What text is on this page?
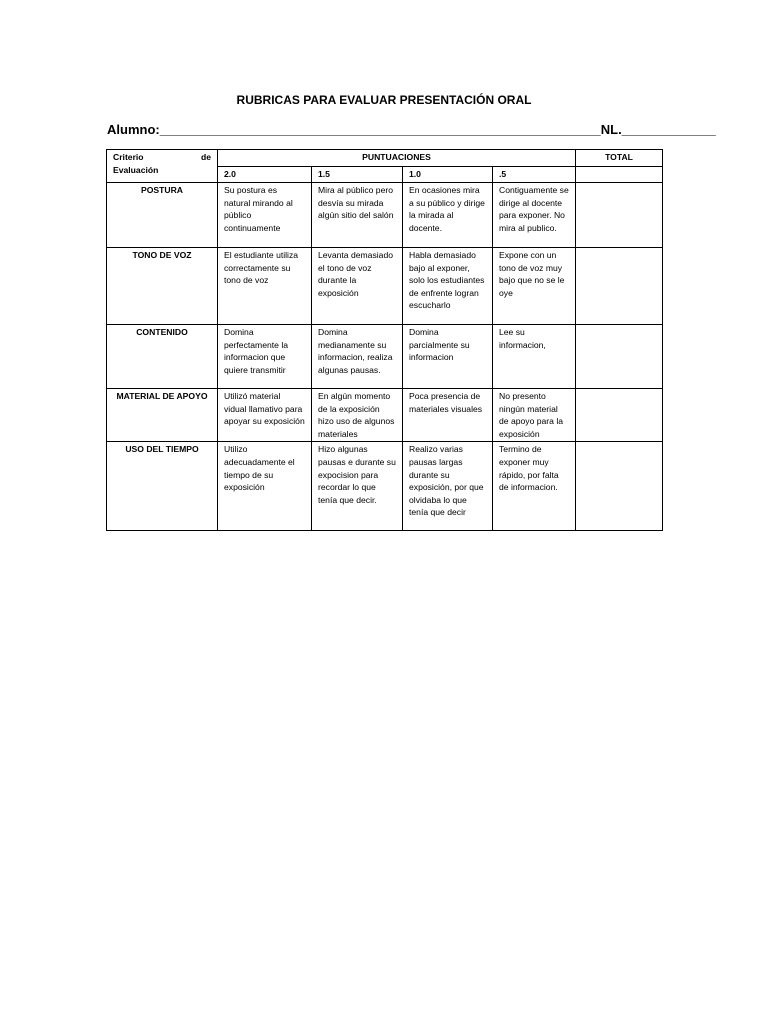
RUBRICAS PARA EVALUAR PRESENTACIÓN ORAL
Alumno:_____________________________________________________________NL._____________
Criterio de
Evaluación	PUNTUACIONES				TOTAL
	2.0	1.5	1.0	.5	
POSTURA	Su postura es natural mirando al público continuamente	Mira al público pero desvía su mirada algún sitio del salón	En ocasiones mira a su público y dirige la mirada al docente.	Contiguamente se dirige al docente para exponer. No mira al publico.	
TONO DE VOZ	El estudiante utiliza correctamente su tono de voz	Levanta demasiado el tono de voz durante la exposición	Habla demasiado bajo al exponer, solo los estudiantes de enfrente logran escucharlo	Expone con un tono de voz muy bajo que no se le oye	
CONTENIDO	Domina perfectamente la informacion que quiere transmitir	Domina medianamente su informacion, realiza algunas pausas.	Domina parcialmente su informacion	Lee su informacion,	
MATERIAL DE APOYO	Utilizó material vidual llamativo para apoyar su exposición	En algún momento de la exposición hizo uso de algunos materiales	Poca presencia de materiales visuales	No presento ningún material de apoyo para la exposición	
USO DEL TIEMPO	Utilizo adecuadamente el tiempo de su exposición	Hizo algunas pausas e durante su expocision para recordar lo que tenía que decir.	Realizo varias pausas largas durante su exposición, por que olvidaba lo que tenía que decir	Termino de exponer muy rápido, por falta de informacion.	
